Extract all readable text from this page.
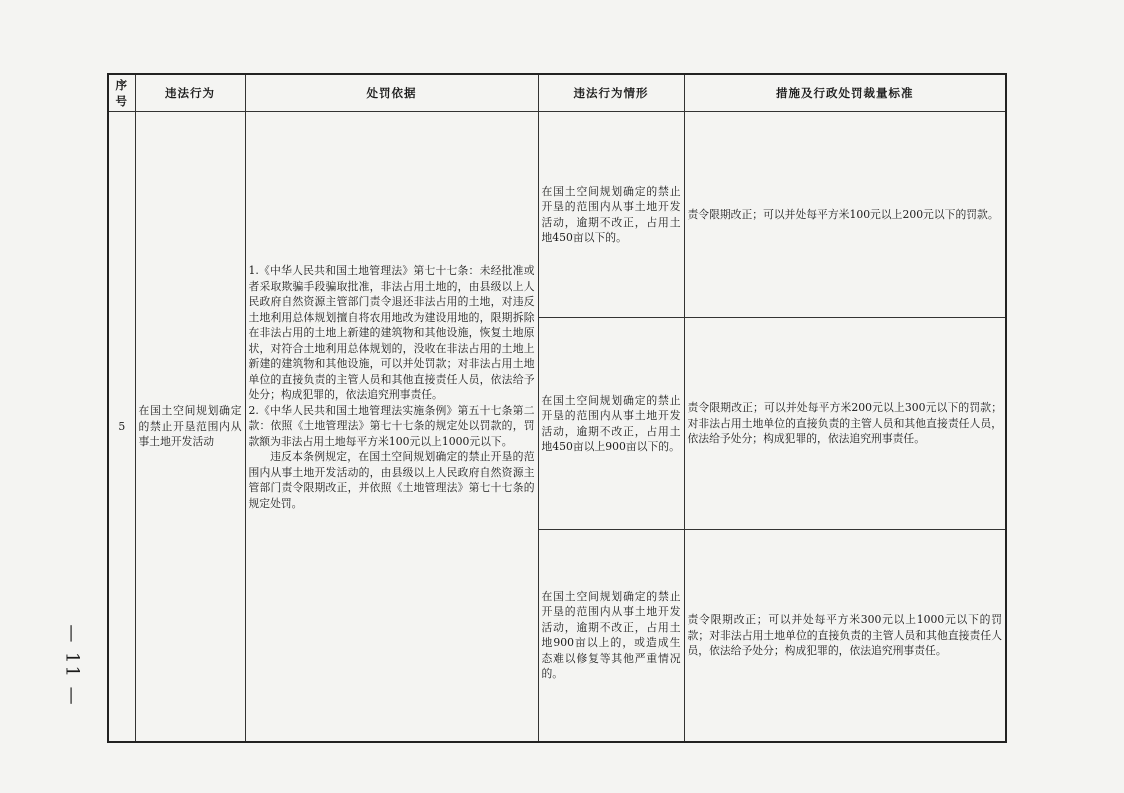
— 11 —
序号	违法行为	处罚依据	违法行为情形	措施及行政处罚裁量标准
5	在国土空间规划确定的禁止开垦范围内从事土地开发活动	1.《中华人民共和国土地管理法》第七十七条：未经批准或者采取欺骗手段骗取批准，非法占用土地的，由县级以上人民政府自然资源主管部门责令退还非法占用的土地，对违反土地利用总体规划擅自将农用地改为建设用地的，限期拆除在非法占用的土地上新建的建筑物和其他设施，恢复土地原状，对符合土地利用总体规划的，没收在非法占用的土地上新建的建筑物和其他设施，可以并处罚款；对非法占用土地单位的直接负责的主管人员和其他直接责任人员，依法给予处分；构成犯罪的，依法追究刑事责任。
2.《中华人民共和国土地管理法实施条例》第五十七条第二款：依照《土地管理法》第七十七条的规定处以罚款的，罚款额为非法占用土地每平方米100元以上1000元以下。
违反本条例规定，在国土空间规划确定的禁止开垦的范围内从事土地开发活动的，由县级以上人民政府自然资源主管部门责令限期改正，并依照《土地管理法》第七十七条的规定处罚。	在国土空间规划确定的禁止开垦的范围内从事土地开发活动，逾期不改正，占用土地450亩以下的。	责令限期改正；可以并处每平方米100元以上200元以下的罚款。
			在国土空间规划确定的禁止开垦的范围内从事土地开发活动，逾期不改正，占用土地450亩以上900亩以下的。	责令限期改正；可以并处每平方米200元以上300元以下的罚款；对非法占用土地单位的直接负责的主管人员和其他直接责任人员，依法给予处分；构成犯罪的，依法追究刑事责任。
			在国土空间规划确定的禁止开垦的范围内从事土地开发活动，逾期不改正，占用土地900亩以上的，或造成生态难以修复等其他严重情况的。	责令限期改正；可以并处每平方米300元以上1000元以下的罚款；对非法占用土地单位的直接负责的主管人员和其他直接责任人员，依法给予处分；构成犯罪的，依法追究刑事责任。
